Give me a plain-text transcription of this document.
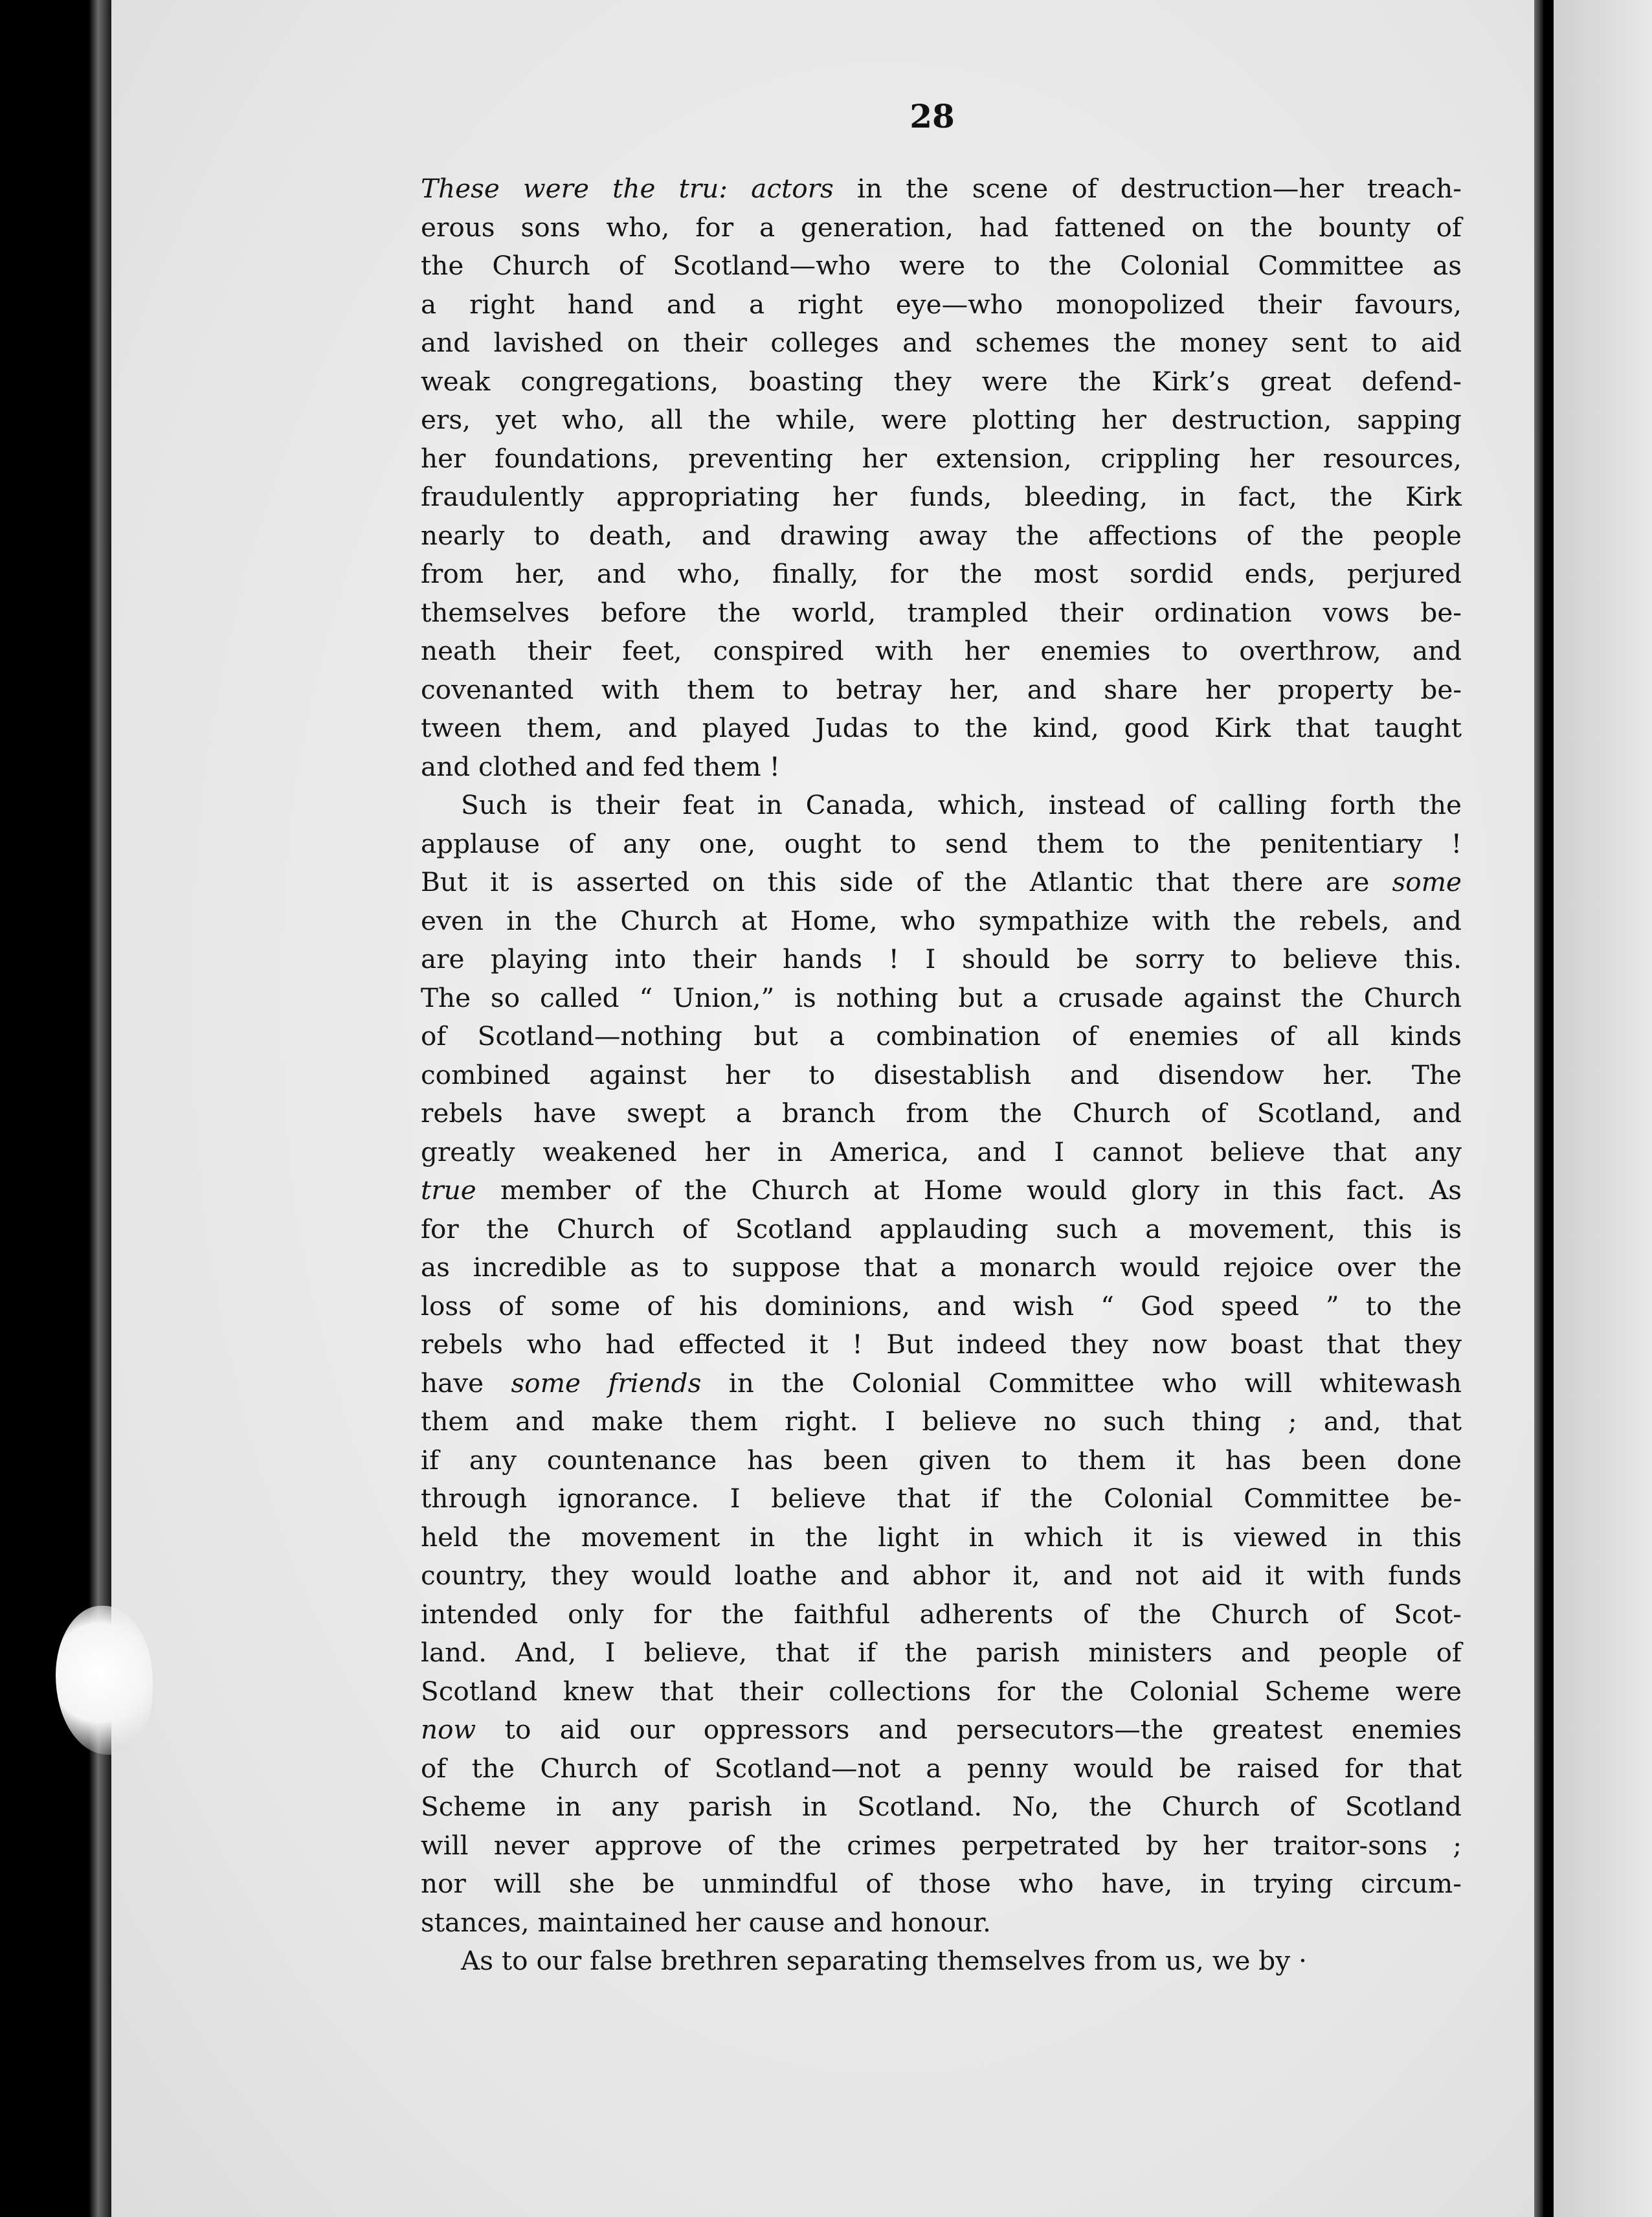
28
These were the tru: actors in the scene of destruction—her treach-
erous sons who, for a generation, had fattened on the bounty of
the Church of Scotland—who were to the Colonial Committee as
a right hand and a right eye—who monopolized their favours,
and lavished on their colleges and schemes the money sent to aid
weak congregations, boasting they were the Kirk’s great defend-
ers, yet who, all the while, were plotting her destruction, sapping
her foundations, preventing her extension, crippling her resources,
fraudulently appropriating her funds, bleeding, in fact, the Kirk
nearly to death, and drawing away the affections of the people
from her, and who, finally, for the most sordid ends, perjured
themselves before the world, trampled their ordination vows be-
neath their feet, conspired with her enemies to overthrow, and
covenanted with them to betray her, and share her property be-
tween them, and played Judas to the kind, good Kirk that taught
and clothed and fed them !
Such is their feat in Canada, which, instead of calling forth the
applause of any one, ought to send them to the penitentiary !
But it is asserted on this side of the Atlantic that there are some
even in the Church at Home, who sympathize with the rebels, and
are playing into their hands ! I should be sorry to believe this.
The so called “ Union,” is nothing but a crusade against the Church
of Scotland—nothing but a combination of enemies of all kinds
combined against her to disestablish and disendow her. The
rebels have swept a branch from the Church of Scotland, and
greatly weakened her in America, and I cannot believe that any
true member of the Church at Home would glory in this fact. As
for the Church of Scotland applauding such a movement, this is
as incredible as to suppose that a monarch would rejoice over the
loss of some of his dominions, and wish “ God speed ” to the
rebels who had effected it ! But indeed they now boast that they
have some friends in the Colonial Committee who will whitewash
them and make them right. I believe no such thing ; and, that
if any countenance has been given to them it has been done
through ignorance. I believe that if the Colonial Committee be-
held the movement in the light in which it is viewed in this
country, they would loathe and abhor it, and not aid it with funds
intended only for the faithful adherents of the Church of Scot-
land. And, I believe, that if the parish ministers and people of
Scotland knew that their collections for the Colonial Scheme were
now to aid our oppressors and persecutors—the greatest enemies
of the Church of Scotland—not a penny would be raised for that
Scheme in any parish in Scotland. No, the Church of Scotland
will never approve of the crimes perpetrated by her traitor-sons ;
nor will she be unmindful of those who have, in trying circum-
stances, maintained her cause and honour.
As to our false brethren separating themselves from us, we by ·
